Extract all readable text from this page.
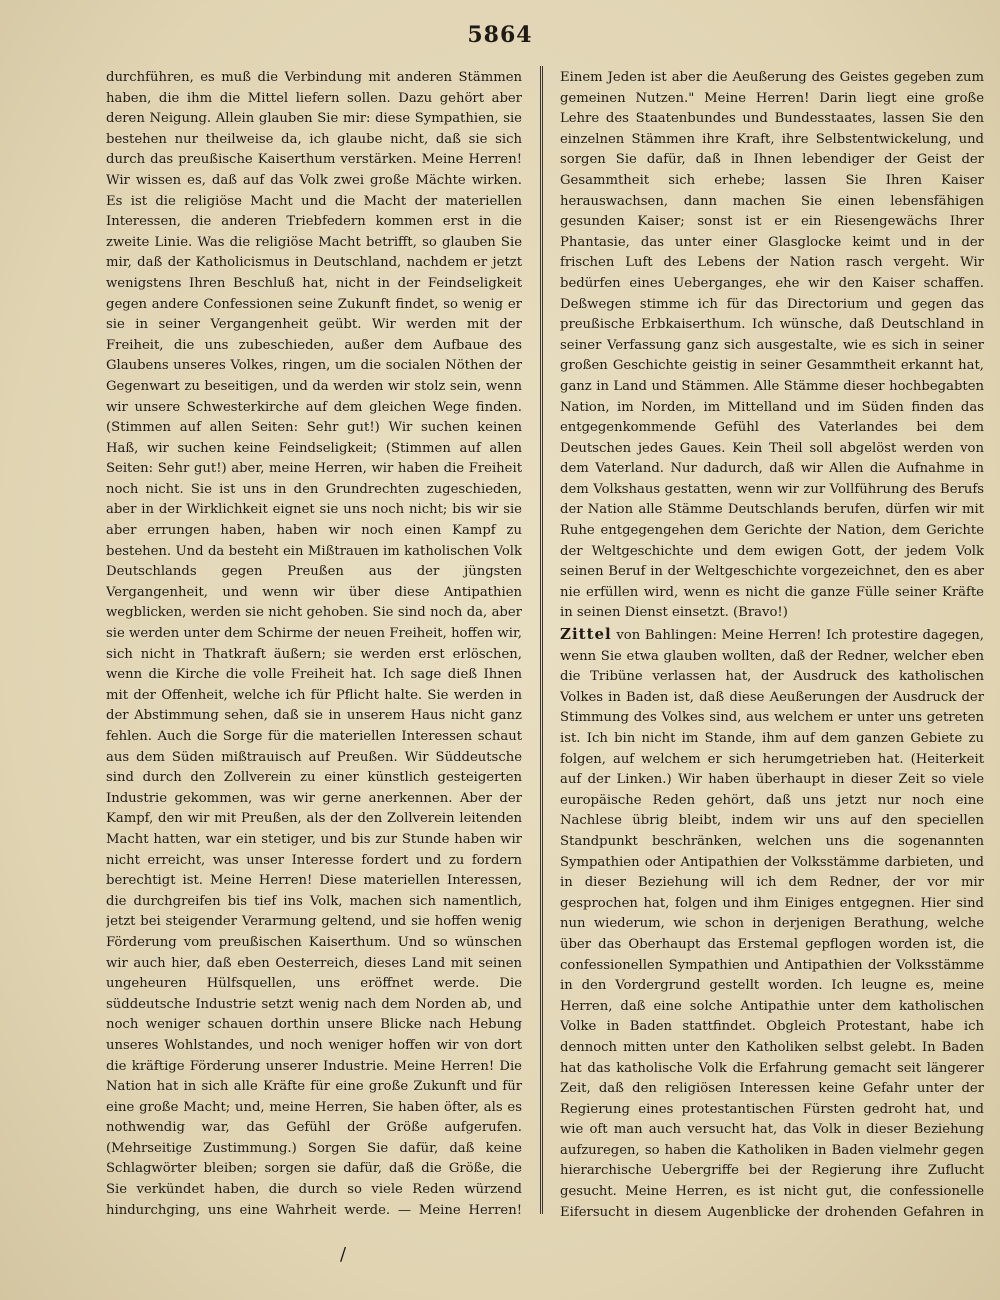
5864

durchführen, es muß die Verbindung mit anderen Stämmen haben, die ihm die Mittel liefern sollen. Dazu gehört aber deren Neigung. Allein glauben Sie mir: diese Sympathien, sie bestehen nur theilweise da, ich glaube nicht, daß sie sich durch das preußische Kaiserthum verstärken. Meine Herren! Wir wissen es, daß auf das Volk zwei große Mächte wirken. Es ist die religiöse Macht und die Macht der materiellen Interessen, die anderen Triebfedern kommen erst in die zweite Linie. Was die religiöse Macht betrifft, so glauben Sie mir, daß der Katholicismus in Deutschland, nachdem er jetzt wenigstens Ihren Beschluß hat, nicht in der Feindseligkeit gegen andere Confessionen seine Zukunft findet, so wenig er sie in seiner Vergangenheit geübt. Wir werden mit der Freiheit, die uns zubeschieden, außer dem Aufbaue des Glaubens unseres Volkes, ringen, um die socialen Nöthen der Gegenwart zu beseitigen, und da werden wir stolz sein, wenn wir unsere Schwesterkirche auf dem gleichen Wege finden. (Stimmen auf allen Seiten: Sehr gut!) Wir suchen keinen Haß, wir suchen keine Feindseligkeit; (Stimmen auf allen Seiten: Sehr gut!) aber, meine Herren, wir haben die Freiheit noch nicht. Sie ist uns in den Grundrechten zugeschieden, aber in der Wirklichkeit eignet sie uns noch nicht; bis wir sie aber errungen haben, haben wir noch einen Kampf zu bestehen. Und da besteht ein Mißtrauen im katholischen Volk Deutschlands gegen Preußen aus der jüngsten Vergangenheit, und wenn wir über diese Antipathien wegblicken, werden sie nicht gehoben. Sie sind noch da, aber sie werden unter dem Schirme der neuen Freiheit, hoffen wir, sich nicht in Thatkraft äußern; sie werden erst erlöschen, wenn die Kirche die volle Freiheit hat. Ich sage dieß Ihnen mit der Offenheit, welche ich für Pflicht halte. Sie werden in der Abstimmung sehen, daß sie in unserem Haus nicht ganz fehlen. Auch die Sorge für die materiellen Interessen schaut aus dem Süden mißtrauisch auf Preußen. Wir Süddeutsche sind durch den Zollverein zu einer künstlich gesteigerten Industrie gekommen, was wir gerne anerkennen. Aber der Kampf, den wir mit Preußen, als der den Zollverein leitenden Macht hatten, war ein stetiger, und bis zur Stunde haben wir nicht erreicht, was unser Interesse fordert und zu fordern berechtigt ist. Meine Herren! Diese materiellen Interessen, die durchgreifen bis tief ins Volk, machen sich namentlich, jetzt bei steigender Verarmung geltend, und sie hoffen wenig Förderung vom preußischen Kaiserthum. Und so wünschen wir auch hier, daß eben Oesterreich, dieses Land mit seinen ungeheuren Hülfsquellen, uns eröffnet werde. Die süddeutsche Industrie setzt wenig nach dem Norden ab, und noch weniger schauen dorthin unsere Blicke nach Hebung unseres Wohlstandes, und noch weniger hoffen wir von dort die kräftige Förderung unserer Industrie. Meine Herren! Die Nation hat in sich alle Kräfte für eine große Zukunft und für eine große Macht; und, meine Herren, Sie haben öfter, als es nothwendig war, das Gefühl der Größe aufgerufen. (Mehrseitige Zustimmung.) Sorgen Sie dafür, daß keine Schlagwörter bleiben; sorgen sie dafür, daß die Größe, die Sie verkündet haben, die durch so viele Reden würzend hindurchging, uns eine Wahrheit werde. — Meine Herren!

Einem Jeden ist aber die Aeußerung des Geistes gegeben zum gemeinen Nutzen." Meine Herren! Darin liegt eine große Lehre des Staatenbundes und Bundesstaates, lassen Sie den einzelnen Stämmen ihre Kraft, ihre Selbstentwickelung, und sorgen Sie dafür, daß in Ihnen lebendiger der Geist der Gesammtheit sich erhebe; lassen Sie Ihren Kaiser herauswachsen, dann machen Sie einen lebensfähigen gesunden Kaiser; sonst ist er ein Riesengewächs Ihrer Phantasie, das unter einer Glasglocke keimt und in der frischen Luft des Lebens der Nation rasch vergeht. Wir bedürfen eines Ueberganges, ehe wir den Kaiser schaffen. Deßwegen stimme ich für das Directorium und gegen das preußische Erbkaiserthum. Ich wünsche, daß Deutschland in seiner Verfassung ganz sich ausgestalte, wie es sich in seiner großen Geschichte geistig in seiner Gesammtheit erkannt hat, ganz in Land und Stämmen. Alle Stämme dieser hochbegabten Nation, im Norden, im Mittelland und im Süden finden das entgegenkommende Gefühl des Vaterlandes bei dem Deutschen jedes Gaues. Kein Theil soll abgelöst werden von dem Vaterland. Nur dadurch, daß wir Allen die Aufnahme in dem Volkshaus gestatten, wenn wir zur Vollführung des Berufs der Nation alle Stämme Deutschlands berufen, dürfen wir mit Ruhe entgegengehen dem Gerichte der Nation, dem Gerichte der Weltgeschichte und dem ewigen Gott, der jedem Volk seinen Beruf in der Weltgeschichte vorgezeichnet, den es aber nie erfüllen wird, wenn es nicht die ganze Fülle seiner Kräfte in seinen Dienst einsetzt. (Bravo!)

Zittel von Bahlingen: Meine Herren! Ich protestire dagegen, wenn Sie etwa glauben wollten, daß der Redner, welcher eben die Tribüne verlassen hat, der Ausdruck des katholischen Volkes in Baden ist, daß diese Aeußerungen der Ausdruck der Stimmung des Volkes sind, aus welchem er unter uns getreten ist. Ich bin nicht im Stande, ihm auf dem ganzen Gebiete zu folgen, auf welchem er sich herumgetrieben hat. (Heiterkeit auf der Linken.) Wir haben überhaupt in dieser Zeit so viele europäische Reden gehört, daß uns jetzt nur noch eine Nachlese übrig bleibt, indem wir uns auf den speciellen Standpunkt beschränken, welchen uns die sogenannten Sympathien oder Antipathien der Volksstämme darbieten, und in dieser Beziehung will ich dem Redner, der vor mir gesprochen hat, folgen und ihm Einiges entgegnen. Hier sind nun wiederum, wie schon in derjenigen Berathung, welche über das Oberhaupt das Erstemal gepflogen worden ist, die confessionellen Sympathien und Antipathien der Volksstämme in den Vordergrund gestellt worden. Ich leugne es, meine Herren, daß eine solche Antipathie unter dem katholischen Volke in Baden stattfindet. Obgleich Protestant, habe ich dennoch mitten unter den Katholiken selbst gelebt. In Baden hat das katholische Volk die Erfahrung gemacht seit längerer Zeit, daß den religiösen Interessen keine Gefahr unter der Regierung eines protestantischen Fürsten gedroht hat, und wie oft man auch versucht hat, das Volk in dieser Beziehung aufzuregen, so haben die Katholiken in Baden vielmehr gegen hierarchische Uebergriffe bei der Regierung ihre Zuflucht gesucht. Meine Herren, es ist nicht gut, die confessionelle Eifersucht in diesem Augenblicke der drohenden Gefahren in

/
